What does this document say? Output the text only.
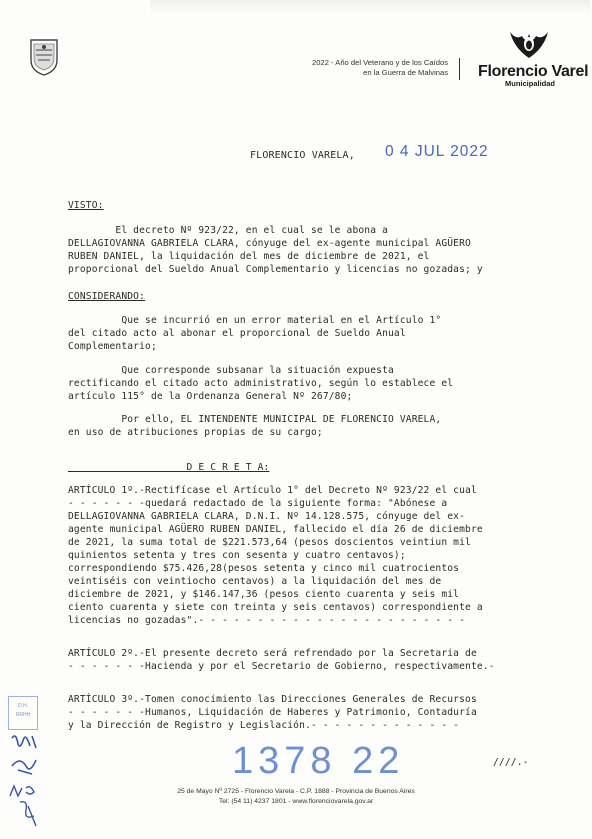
2022 - Año del Veterano y de los Caídos
en la Guerra de Malvinas Florencio Varel
Municipalidad
FLORENCIO VARELA, 0 4 JUL 2022
VISTO:
El decreto Nº 923/22, en el cual se le abona a
DELLAGIOVANNA GABRIELA CLARA, cónyuge del ex-agente municipal AGÜERO
RUBEN DANIEL, la liquidación del mes de diciembre de 2021, el
proporcional del Sueldo Anual Complementario y licencias no gozadas; y
CONSIDERANDO:
Que se incurrió en un error material en el Artículo 1°
del citado acto al abonar el proporcional de Sueldo Anual
Complementario;
Que corresponde subsanar la situación expuesta
rectificando el citado acto administrativo, según lo establece el
artículo 115° de la Ordenanza General Nº 267/80;
Por ello, EL INTENDENTE MUNICIPAL DE FLORENCIO VARELA,
en uso de atribuciones propias de su cargo;
D E C R E T A:
ARTÍCULO 1º.-Rectifícase el Artículo 1° del Decreto Nº 923/22 el cual
- - - - - - -quedará redactado de la siguiente forma: "Abónese a
DELLAGIOVANNA GABRIELA CLARA, D.N.I. Nº 14.128.575, cónyuge del ex-
agente municipal AGÜERO RUBEN DANIEL, fallecido el día 26 de diciembre
de 2021, la suma total de $221.573,64 (pesos doscientos veintiun mil
quinientos setenta y tres con sesenta y cuatro centavos);
correspondiendo $75.426,28(pesos setenta y cinco mil cuatrocientos
veintiséis con veintiocho centavos) a la liquidación del mes de
diciembre de 2021, y $146.147,36 (pesos ciento cuarenta y seis mil
ciento cuarenta y siete con treinta y seis centavos) correspondiente a
licencias no gozadas".- - - - - - - - - - - - - - - - - - - - - - -
ARTÍCULO 2º.-El presente decreto será refrendado por la Secretaria de
- - - - - - -Hacienda y por el Secretario de Gobierno, respectivamente.-
ARTÍCULO 3º.-Tomen conocimiento las Direcciones Generales de Recursos
- - - - - - -Humanos, Liquidación de Haberes y Patrimonio, Contaduría
y la Dirección de Registro y Legislación.- - - - - - - - - - - - -
1378 22	////.-
25 de Mayo Nº 2725 - Florencio Varela - C.P. 1888 - Provincia de Buenos Aires
Tel: (54 11) 4237 1801 - www.florenciovarela.gov.ar
D.H.
RRHH
